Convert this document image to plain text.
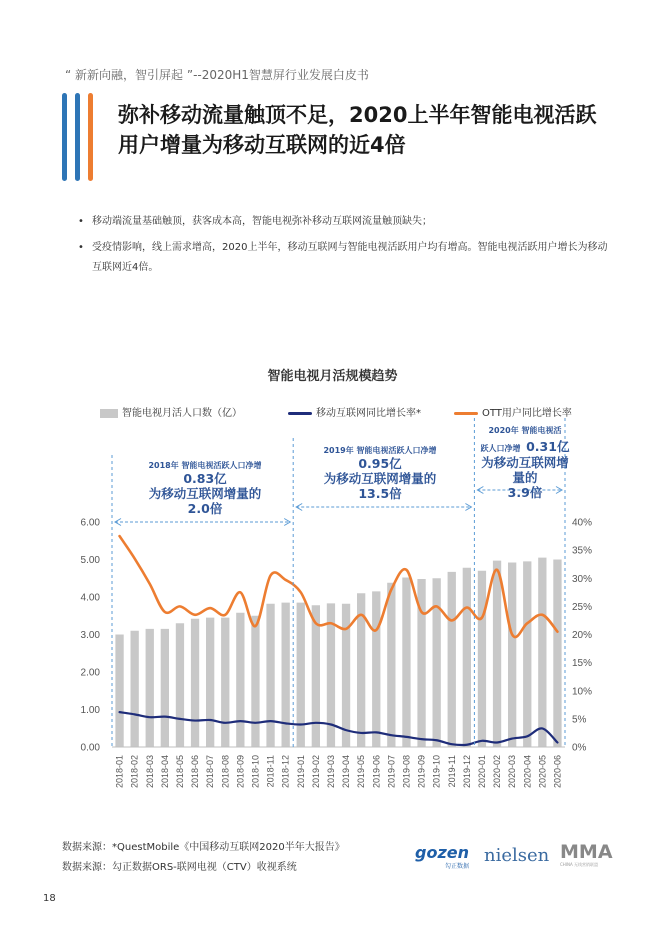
“ 新新向融，智引屏起 ”--2020H1智慧屏行业发展白皮书
弥补移动流量触顶不足，2020上半年智能电视活跃用户增量为移动互联网的近4倍
• 移动端流量基础触顶，获客成本高，智能电视弥补移动互联网流量触顶缺失；
• 受疫情影响，线上需求增高，2020上半年，移动互联网与智能电视活跃用户均有增高。智能电视活跃用户增长为移动互联网近4倍。
智能电视月活规模趋势
智能电视月活人口数（亿）	移动互联网同比增长率*	OTT用户同比增长率
0.00
1.00
2.00
3.00
4.00
5.00
6.00
0%
5%
10%
15%
20%
25%
30%
35%
40%
2018-01 2018-02 2018-03 2018-04 2018-05 2018-06 2018-07 2018-08 2018-09 2018-10 2018-11 2018-12 2019-01 2019-02 2019-03 2019-04 2019-05 2019-06 2019-07 2019-08 2019-09 2019-10 2019-11 2019-12 2020-01 2020-02 2020-03 2020-04 2020-05 2020-06
2018年 智能电视活跃人口净增
0.83亿
为移动互联网增量的
2.0倍
2019年 智能电视活跃人口净增
0.95亿
为移动互联网增量的
13.5倍
2020年 智能电视活
跃人口净增 0.31亿
为移动互联网增
量的
3.9倍
数据来源：*QuestMobile《中国移动互联网2020半年大报告》
数据来源：勾正数据ORS-联网电视（CTV）收视系统
gozen
勾正数据
nielsen MMA
CHINA 无线营销联盟
18
